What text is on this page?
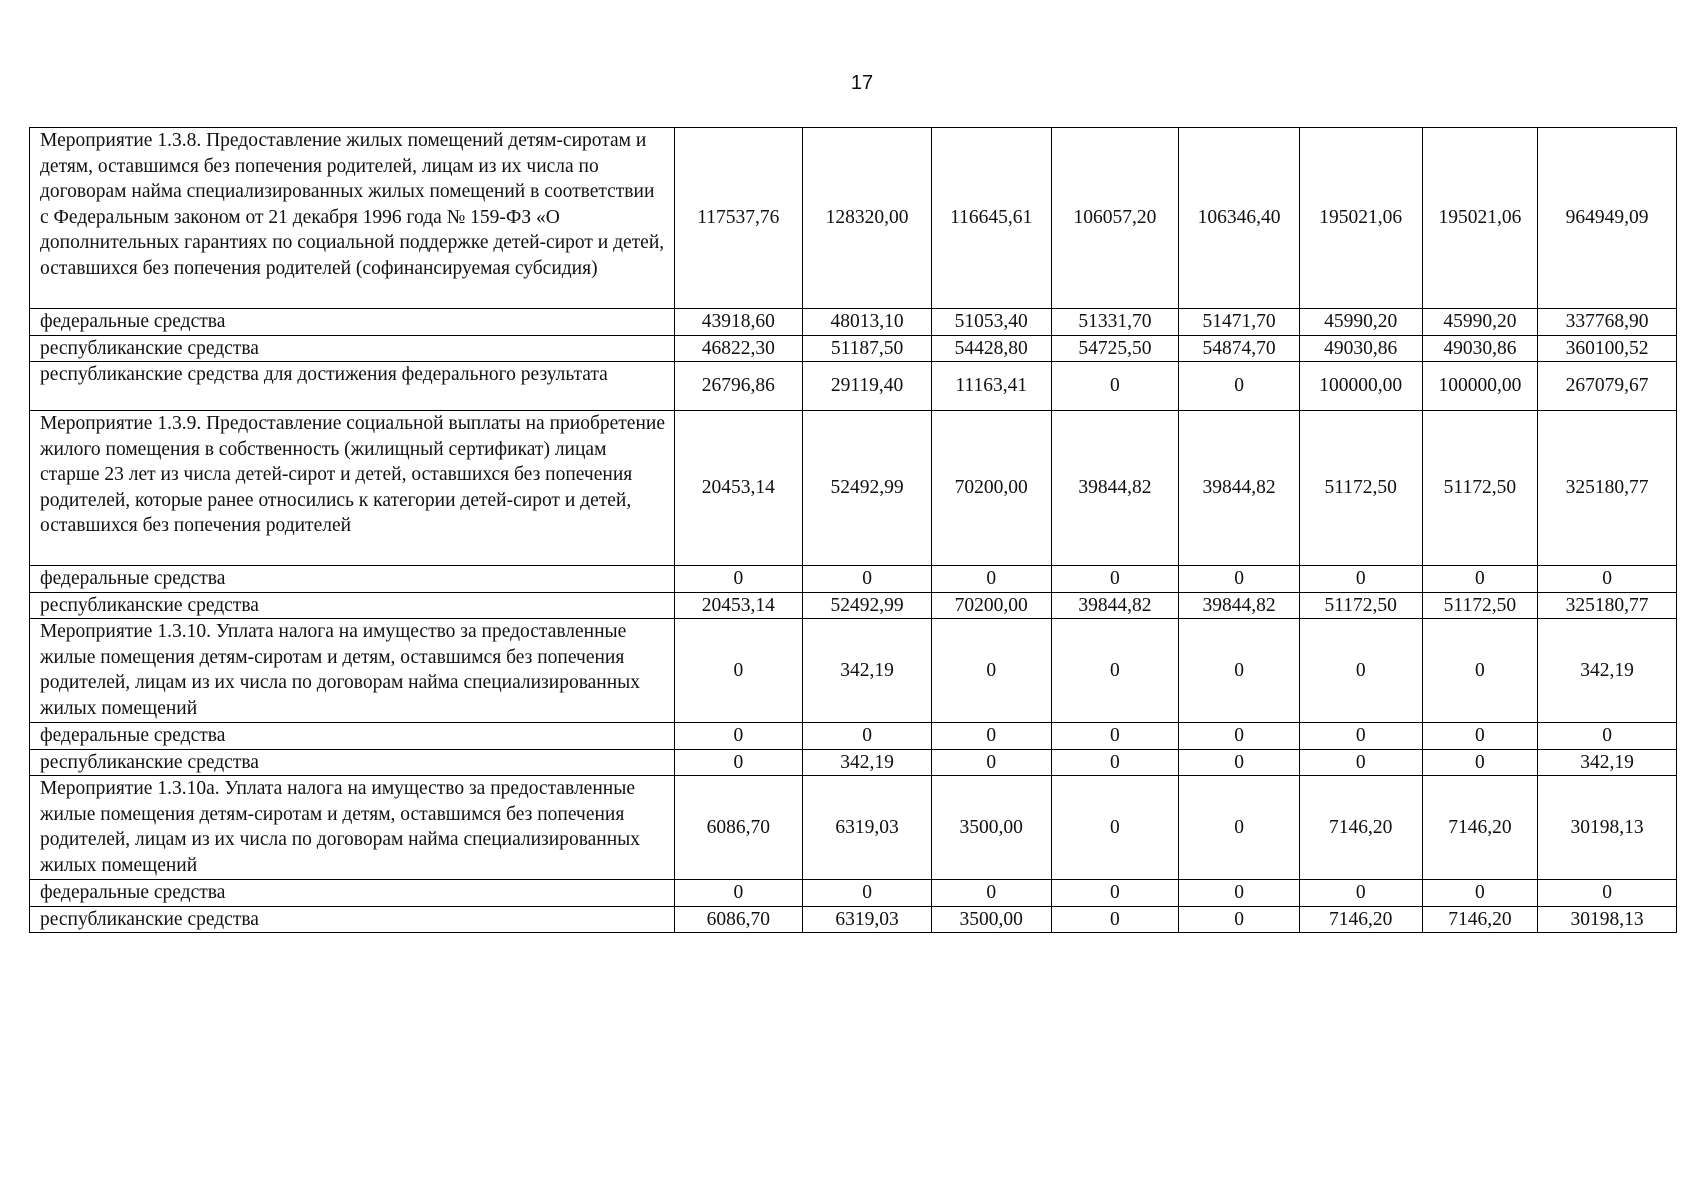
17
Мероприятие 1.3.8. Предоставление жилых помещений детям-сиротам и детям, оставшимся без попечения родителей, лицам из их числа по договорам найма специализированных жилых помещений в соответствии с Федеральным законом от 21 декабря 1996 года № 159-ФЗ «О дополнительных гарантиях по социальной поддержке детей-сирот и детей, оставшихся без попечения родителей (софинансируемая субсидия)	117537,76	128320,00	116645,61	106057,20	106346,40	195021,06	195021,06	964949,09
федеральные средства	43918,60	48013,10	51053,40	51331,70	51471,70	45990,20	45990,20	337768,90
республиканские средства	46822,30	51187,50	54428,80	54725,50	54874,70	49030,86	49030,86	360100,52
республиканские средства для достижения федерального результата	26796,86	29119,40	11163,41	0	0	100000,00	100000,00	267079,67
Мероприятие 1.3.9. Предоставление социальной выплаты на приобретение жилого помещения в собственность (жилищный сертификат) лицам старше 23 лет из числа детей-сирот и детей, оставшихся без попечения родителей, которые ранее относились к категории детей-сирот и детей, оставшихся без попечения родителей	20453,14	52492,99	70200,00	39844,82	39844,82	51172,50	51172,50	325180,77
федеральные средства	0	0	0	0	0	0	0	0
республиканские средства	20453,14	52492,99	70200,00	39844,82	39844,82	51172,50	51172,50	325180,77
Мероприятие 1.3.10. Уплата налога на имущество за предоставленные жилые помещения детям-сиротам и детям, оставшимся без попечения родителей, лицам из их числа по договорам найма специализированных жилых помещений	0	342,19	0	0	0	0	0	342,19
федеральные средства	0	0	0	0	0	0	0	0
республиканские средства	0	342,19	0	0	0	0	0	342,19
Мероприятие 1.3.10а. Уплата налога на имущество за предоставленные жилые помещения детям-сиротам и детям, оставшимся без попечения родителей, лицам из их числа по договорам найма специализированных жилых помещений	6086,70	6319,03	3500,00	0	0	7146,20	7146,20	30198,13
федеральные средства	0	0	0	0	0	0	0	0
республиканские средства	6086,70	6319,03	3500,00	0	0	7146,20	7146,20	30198,13
